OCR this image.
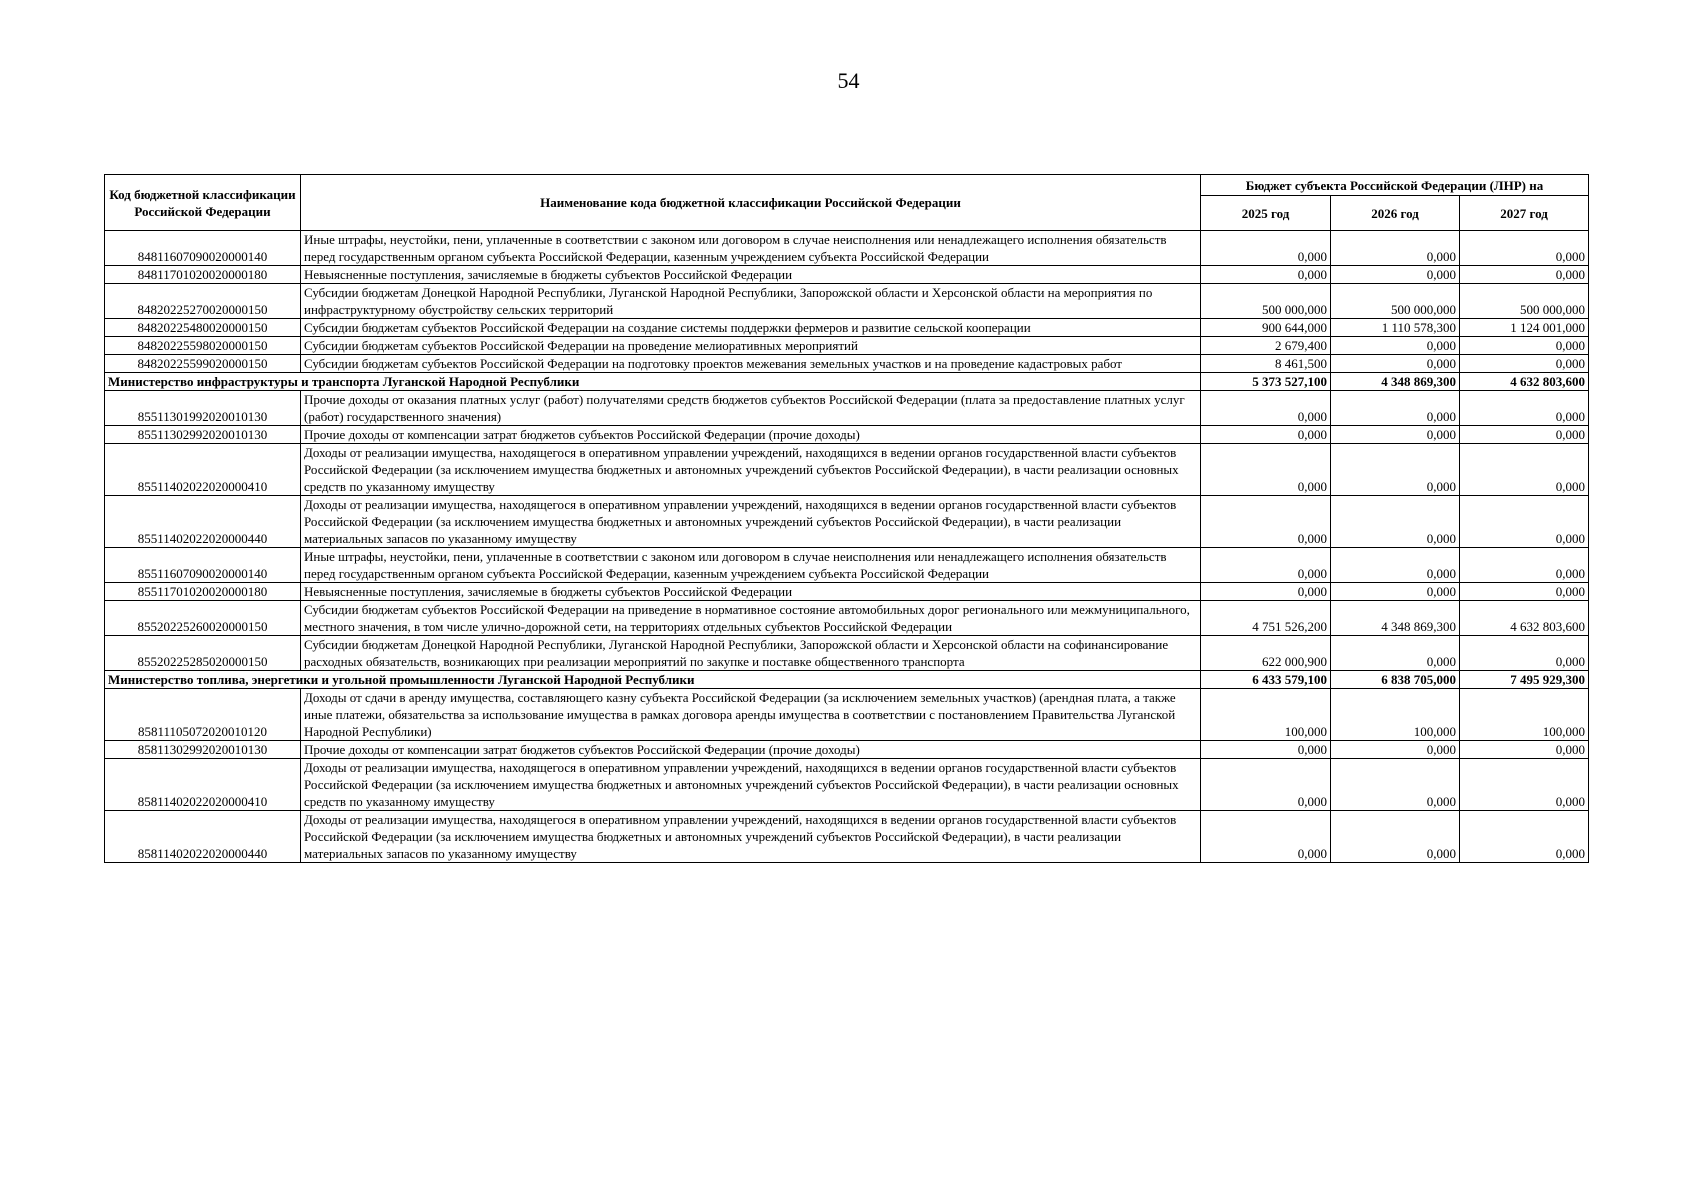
54
Код бюджетной классификации Российской Федерации	Наименование кода бюджетной классификации Российской Федерации	Бюджет субъекта Российской Федерации (ЛНР) на		
		2025 год	2026 год	2027 год
84811607090020000140	Иные штрафы, неустойки, пени, уплаченные в соответствии с законом или договором в случае неисполнения или ненадлежащего исполнения обязательств перед государственным органом субъекта Российской Федерации, казенным учреждением субъекта Российской Федерации	0,000	0,000	0,000
84811701020020000180	Невыясненные поступления, зачисляемые в бюджеты субъектов Российской Федерации	0,000	0,000	0,000
84820225270020000150	Субсидии бюджетам Донецкой Народной Республики, Луганской Народной Республики, Запорожской области и Херсонской области на мероприятия по инфраструктурному обустройству сельских территорий	500 000,000	500 000,000	500 000,000
84820225480020000150	Субсидии бюджетам субъектов Российской Федерации на создание системы поддержки фермеров и развитие сельской кооперации	900 644,000	1 110 578,300	1 124 001,000
84820225598020000150	Субсидии бюджетам субъектов Российской Федерации на проведение мелиоративных мероприятий	2 679,400	0,000	0,000
84820225599020000150	Субсидии бюджетам субъектов Российской Федерации на подготовку проектов межевания земельных участков и на проведение кадастровых работ	8 461,500	0,000	0,000
Министерство инфраструктуры и транспорта Луганской Народной Республики		5 373 527,100	4 348 869,300	4 632 803,600
85511301992020010130	Прочие доходы от оказания платных услуг (работ) получателями средств бюджетов субъектов Российской Федерации (плата за предоставление платных услуг (работ) государственного значения)	0,000	0,000	0,000
85511302992020010130	Прочие доходы от компенсации затрат бюджетов субъектов Российской Федерации (прочие доходы)	0,000	0,000	0,000
85511402022020000410	Доходы от реализации имущества, находящегося в оперативном управлении учреждений, находящихся в ведении органов государственной власти субъектов Российской Федерации (за исключением имущества бюджетных и автономных учреждений субъектов Российской Федерации), в части реализации основных средств по указанному имуществу	0,000	0,000	0,000
85511402022020000440	Доходы от реализации имущества, находящегося в оперативном управлении учреждений, находящихся в ведении органов государственной власти субъектов Российской Федерации (за исключением имущества бюджетных и автономных учреждений субъектов Российской Федерации), в части реализации материальных запасов по указанному имуществу	0,000	0,000	0,000
85511607090020000140	Иные штрафы, неустойки, пени, уплаченные в соответствии с законом или договором в случае неисполнения или ненадлежащего исполнения обязательств перед государственным органом субъекта Российской Федерации, казенным учреждением субъекта Российской Федерации	0,000	0,000	0,000
85511701020020000180	Невыясненные поступления, зачисляемые в бюджеты субъектов Российской Федерации	0,000	0,000	0,000
85520225260020000150	Субсидии бюджетам субъектов Российской Федерации на приведение в нормативное состояние автомобильных дорог регионального или межмуниципального, местного значения, в том числе улично-дорожной сети, на территориях отдельных субъектов Российской Федерации	4 751 526,200	4 348 869,300	4 632 803,600
85520225285020000150	Субсидии бюджетам Донецкой Народной Республики, Луганской Народной Республики, Запорожской области и Херсонской области на софинансирование расходных обязательств, возникающих при реализации мероприятий по закупке и поставке общественного транспорта	622 000,900	0,000	0,000
Министерство топлива, энергетики и угольной промышленности Луганской Народной Республики		6 433 579,100	6 838 705,000	7 495 929,300
85811105072020010120	Доходы от сдачи в аренду имущества, составляющего казну субъекта Российской Федерации (за исключением земельных участков) (арендная плата, а также иные платежи, обязательства за использование имущества в рамках договора аренды имущества в соответствии с постановлением Правительства Луганской Народной Республики)	100,000	100,000	100,000
85811302992020010130	Прочие доходы от компенсации затрат бюджетов субъектов Российской Федерации (прочие доходы)	0,000	0,000	0,000
85811402022020000410	Доходы от реализации имущества, находящегося в оперативном управлении учреждений, находящихся в ведении органов государственной власти субъектов Российской Федерации (за исключением имущества бюджетных и автономных учреждений субъектов Российской Федерации), в части реализации основных средств по указанному имуществу	0,000	0,000	0,000
85811402022020000440	Доходы от реализации имущества, находящегося в оперативном управлении учреждений, находящихся в ведении органов государственной власти субъектов Российской Федерации (за исключением имущества бюджетных и автономных учреждений субъектов Российской Федерации), в части реализации материальных запасов по указанному имуществу	0,000	0,000	0,000
